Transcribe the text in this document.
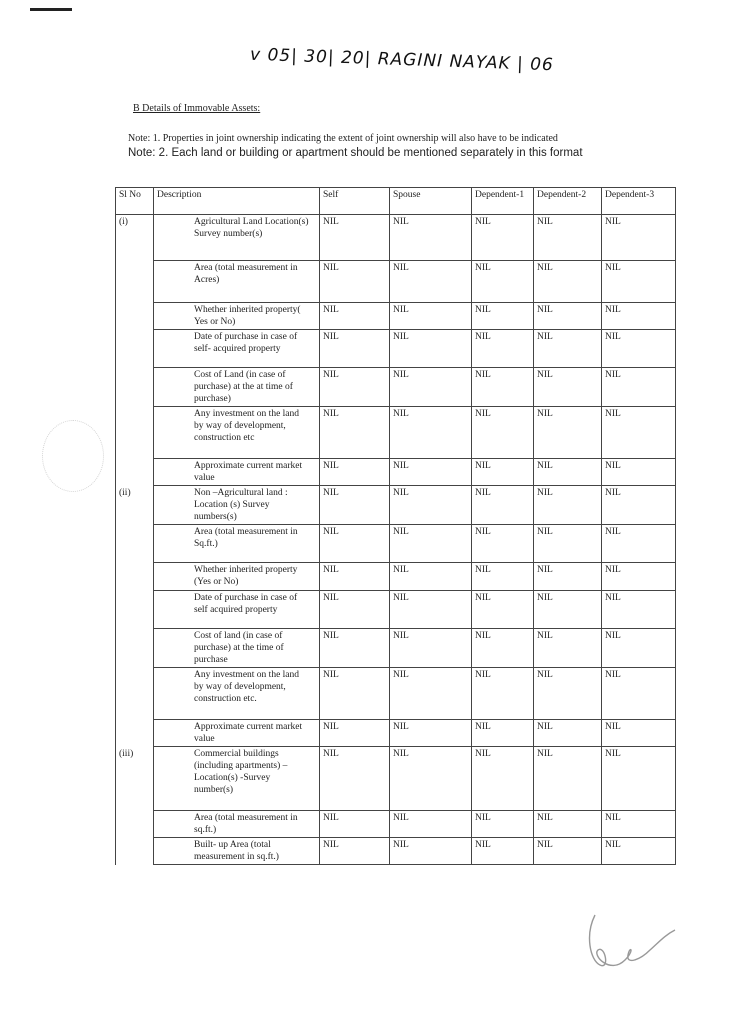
v 05| 30| 20| RAGINI NAYAK | 06
B Details of Immovable Assets:
Note: 1. Properties in joint ownership indicating the extent of joint ownership will also have to be indicated
Note: 2. Each land or building or apartment should be mentioned separately in this format
Sl No	Description	Self	Spouse	Dependent-1	Dependent-2	Dependent-3
(i)	Agricultural Land Location(s) Survey number(s)	NIL	NIL	NIL	NIL	NIL
	Area (total measurement in Acres)	NIL	NIL	NIL	NIL	NIL
	Whether inherited property( Yes or No)	NIL	NIL	NIL	NIL	NIL
	Date of purchase in case of self- acquired property	NIL	NIL	NIL	NIL	NIL
	Cost of Land (in case of purchase) at the at time of purchase)	NIL	NIL	NIL	NIL	NIL
	Any investment on the land by way of development, construction etc	NIL	NIL	NIL	NIL	NIL
	Approximate current market value	NIL	NIL	NIL	NIL	NIL
(ii)	Non –Agricultural land : Location (s) Survey numbers(s)	NIL	NIL	NIL	NIL	NIL
	Area (total measurement in Sq.ft.)	NIL	NIL	NIL	NIL	NIL
	Whether inherited property (Yes or No)	NIL	NIL	NIL	NIL	NIL
	Date of purchase in case of self acquired property	NIL	NIL	NIL	NIL	NIL
	Cost of land (in case of purchase) at the time of purchase	NIL	NIL	NIL	NIL	NIL
	Any investment on the land by way of development, construction etc.	NIL	NIL	NIL	NIL	NIL
	Approximate current market value	NIL	NIL	NIL	NIL	NIL
(iii)	Commercial buildings (including apartments) –Location(s) -Survey number(s)	NIL	NIL	NIL	NIL	NIL
	Area (total measurement in sq.ft.)	NIL	NIL	NIL	NIL	NIL
	Built- up Area (total measurement in sq.ft.)	NIL	NIL	NIL	NIL	NIL
